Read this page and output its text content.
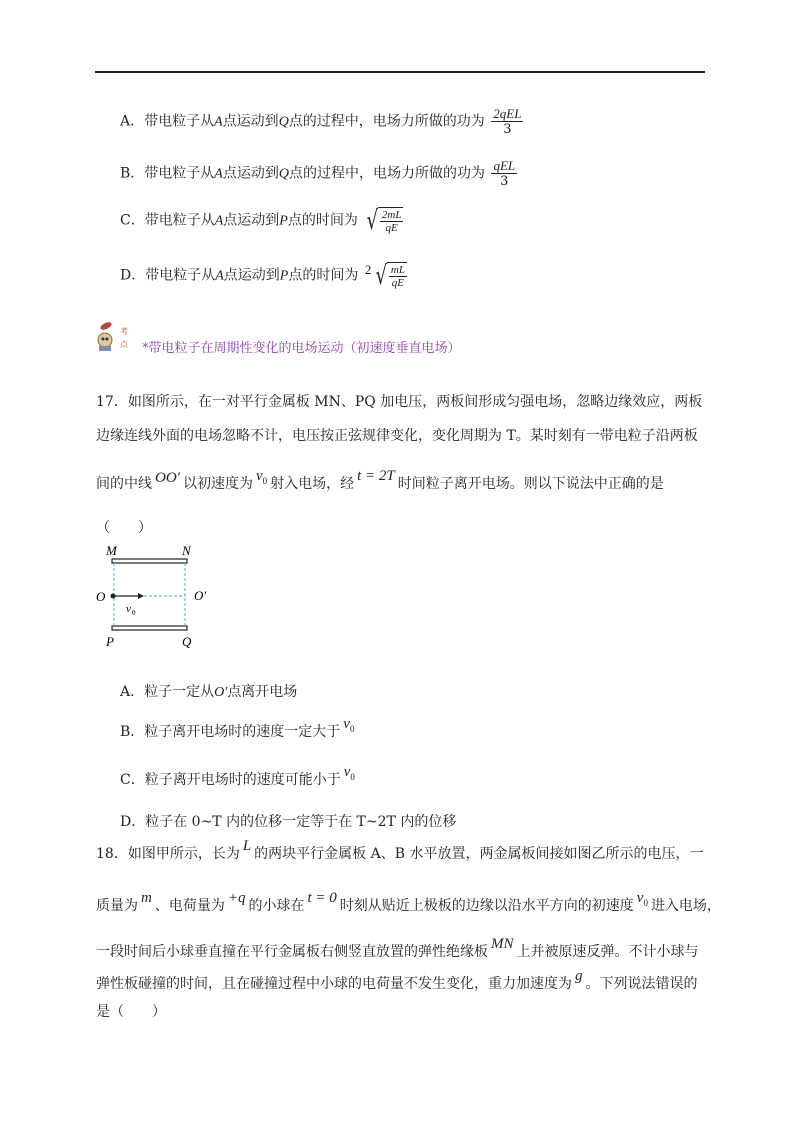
A．带电粒子从A点运动到Q点的过程中，电场力所做的功为 $\frac{\text{2qEL}}{3}$
B．带电粒子从A点运动到Q点的过程中，电场力所做的功为 $\frac{\text{qEL}}{3}$
C．带电粒子从A点运动到P点的时间为 √ $\frac{2mL}{qE}$
D．带电粒子从A点运动到P点的时间为 2 √ $\frac{mL}{qE}$
考
点 *带电粒子在周期性变化的电场运动（初速度垂直电场）
17．如图所示，在一对平行金属板 MN、PQ 加电压，两板间形成匀强电场，忽略边缘效应，两板
边缘连线外面的电场忽略不计，电压按正弦规律变化，变化周期为 T。某时刻有一带电粒子沿两板
间的中线 OO′ 以初速度为 $v_0$ 射入电场，经 t = 2T 时间粒子离开电场。则以下说法中正确的是
（　　）
M	N
O	O′
v 0
P	Q
A．粒子一定从O′点离开电场
B．粒子离开电场时的速度一定大于 $v_0$
C．粒子离开电场时的速度可能小于 $v_0$
D．粒子在 0~T 内的位移一定等于在 T~2T 内的位移
18．如图甲所示，长为 L 的两块平行金属板 A、B 水平放置，两金属板间接如图乙所示的电压，一
质量为 m 、电荷量为 +q 的小球在 t = 0 时刻从贴近上极板的边缘以沿水平方向的初速度 $v_0$ 进入电场，
一段时间后小球垂直撞在平行金属板右侧竖直放置的弹性绝缘板 MN 上并被原速反弹。不计小球与
弹性板碰撞的时间，且在碰撞过程中小球的电荷量不发生变化，重力加速度为 g 。下列说法错误的
是（　　）
